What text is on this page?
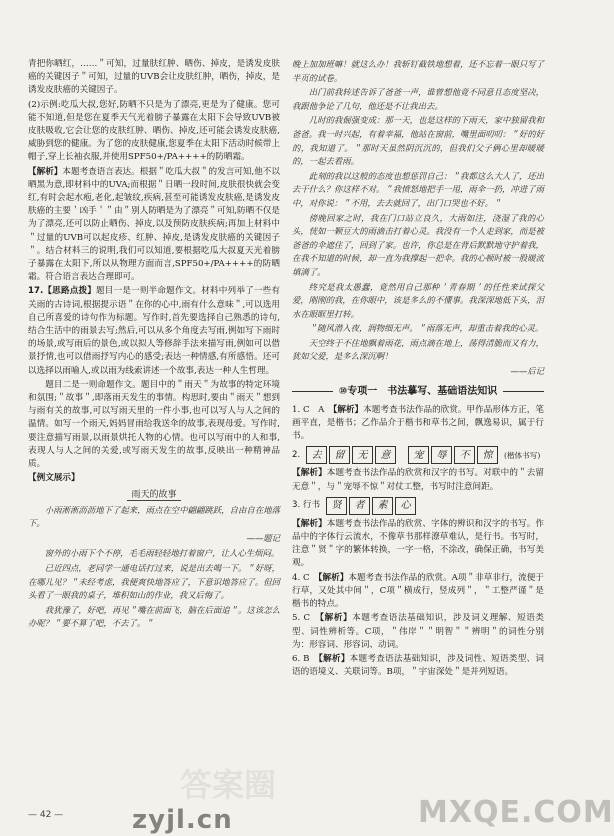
青把你晒红，……＂可知，过量肤红肿、晒伤、掉皮，是诱发皮肤癌的关键因子＂可知，过量的UVB会让皮肤红肿，晒伤，掉皮，是诱发皮肤癌的关键因子。

(2)示例:吃瓜大叔,您好,防晒不只是为了漂亮,更是为了健康。您可能不知道,但是您在夏季天气光着膀子暴露在太阳下会导致UVB被皮肤吸收,它会让您的皮肤红肿、晒伤、掉皮,还可能会诱发皮肤癌,威胁到您的健康。为了您的皮肤健康,您夏季在太阳下活动时候带上帽子,穿上长袖衣服,并使用SPF50+/PA++++的防晒霜。

【解析】本题考查语言表达。根据＂吃瓜大叔＂的发言可知,他不以晒黑为意,即材料中的UVA;而根据＂日晒一段时间,皮肤很快就会变红,有时会起水疱,老化,起皱纹,疾病,甚至可能诱发皮肤癌,是诱发皮肤癌的主要＇凶手＇＂由＂别人防晒是为了漂亮＂可知,防晒不仅是为了漂亮,还可以防止晒伤、掉皮,以及预防皮肤疾病;再加上材料中＂过量的UVB可以起皮疹、红肿、掉皮,是诱发皮肤癌的关键因子＂。结合材料三的说明,我们可以知道,要根据吃瓜大叔夏天光着膀子暴露在太阳下,所以从物理方面而言,SPF50+/PA++++的防晒霜。符合语言表达合理即可。

17.【思路点拨】题目一是一则半命题作文。材料中列举了一些有关雨的古诗词,根据提示语＂在你的心中,雨有什么意味＂,可以选用自己所喜爱的诗句作为标题。写作时,首先要选择自己熟悉的诗句,结合生活中的雨景去写;然后,可以从多个角度去写雨,例如写下雨时的场景,或写雨后的景色,或以拟人等修辞手法来描写雨,例如可以借景抒情,也可以借雨抒写内心的感受;表达一种情感,有所感悟。还可以选择以雨喻人,或以雨为线索讲述一个故事,表达一种人生哲理。

题目二是一则命题作文。题目中的＂雨天＂为故事的特定环境和氛围;＂故事＂,即落雨天发生的事情。构思时,要由＂雨天＂想到与雨有关的故事,可以写雨天里的一件小事,也可以写人与人之间的温情。如写一个雨天,妈妈冒雨给我送伞的故事,表现母爱。写作时,要注意描写雨景,以雨景烘托人物的心情。也可以写雨中的人和事,表现人与人之间的关爱,或写雨天发生的故事,反映出一种精神品质。

【例文展示】

雨天的故事

小雨淅淅沥沥地下了起来，雨点在空中翩翩跳跃，自由自在地落下。

——题记

窗外的小雨下个不停，毛毛雨轻轻地打着窗户，让人心生烦闷。

已近四点，老同学一通电话打过来，说是出去喝一下。＂好呀，在哪儿见？＂未经考虑，我便爽快地答应了，下意识地答应了。但回头看了一眼我的桌子，堆积如山的作业，我又后悔了。

我犹豫了，好吧，再见＂嘴在前面飞，脑在后面追＂。这该怎么办呢？＂要不算了吧，不去了。＂

晚上加加班嘛！就这么办！我斩钉截铁地想着，还不忘着一眼只写了半页的试卷。

出门前我转述告诉了爸爸一声，谁曾想他竟不同意且态度坚决，我跟他争论了几句，他还是不让我出去。

几时的我倔强变成：那一天，也是这样的下雨天，家中独留我和爸爸。我一时兴起，有着幸福，他站在窗前，嘴里面叨叨：＂好的好的，我知道了。＂那时天虽然阴沉沉的，但我们父子俩心里却暖暖的，一起去看雨。

此刻的我以这般的态度也想惩罚自己：＂我都这么大人了，还出去干什么？你这样不对。＂我愤怒地把手一甩，雨伞一扔，冲进了雨中，对你说：＂不用，去去就回了，出门口哭也不好。＂

傍晚回家之时，我在门口站立良久，大雨如注，浇湿了我的心头，恍如一颗豆大的雨滴击打着心灵。我没有一个人走到家，而是被爸爸的伞遮住了，回到了家。也许，你总是在背后默默地守护着我，在我不知道的时候，却一直为我撑起一把伞。我的心顿时被一股暖流填满了。

终究是我太愚蠢，竟然用自己那种＇青春期＇的任性来试探父爱，刚刚的我，在你眼中，该是多么的不懂事。我深深地低下头，泪水在眼眶里打转。

＂随风潜入夜，润物细无声。＂雨落无声，却重击着我的心灵。

天空终于不住地飘着雨花，雨点滴在地上，荡得清脆而又有力，犹如父爱，是多么深沉啊！

——后记

⑩专项一　书法摹写、基础语法知识

1. C　A　 【解析】本题考查书法作品的欣赏。甲作品形体方正，笔画平直，是楷书；乙作品介于楷书和草书之间，飘逸易识，属于行书。

2.	去	留	无	意	宠	辱	不	惊	(楷体书写)

【解析】本题考查书法作品的欣赏和汉字的书写。对联中的＂去留无意＂，与＂宠辱不惊＂对仗工整，书写时注意间距。

3. 行书	贤	者	素	心

【解析】本题考查书法作品的欣赏、字体的辨识和汉字的书写。作品中的字体行云流水，不像草书那样潦草难认，是行书。书写时，注意＂贤＂字的繁体转换，一字一格，不涂改，确保正确，书写美观。

4. C　 【解析】本题考查书法作品的欣赏。A项＂非草非行，流便于行草，又处其中间＂，C项＂横成行，竖成列＂，＂工整严谨＂是楷书的特点。

5. C　 【解析】本题考查语法基础知识，涉及词义理解、短语类型、词性辨析等。C项，＂伟岸＂＂明智＂＂辨明＂的词性分别为：形容词、形容词、动词。

6. B　 【解析】本题考查语法基础知识，涉及词性、短语类型、词语的语境义、关联词等。B项，＂宇宙深处＂是并列短语。

答案圈
— 42 —	zyjl.cn	MXQE.COM
